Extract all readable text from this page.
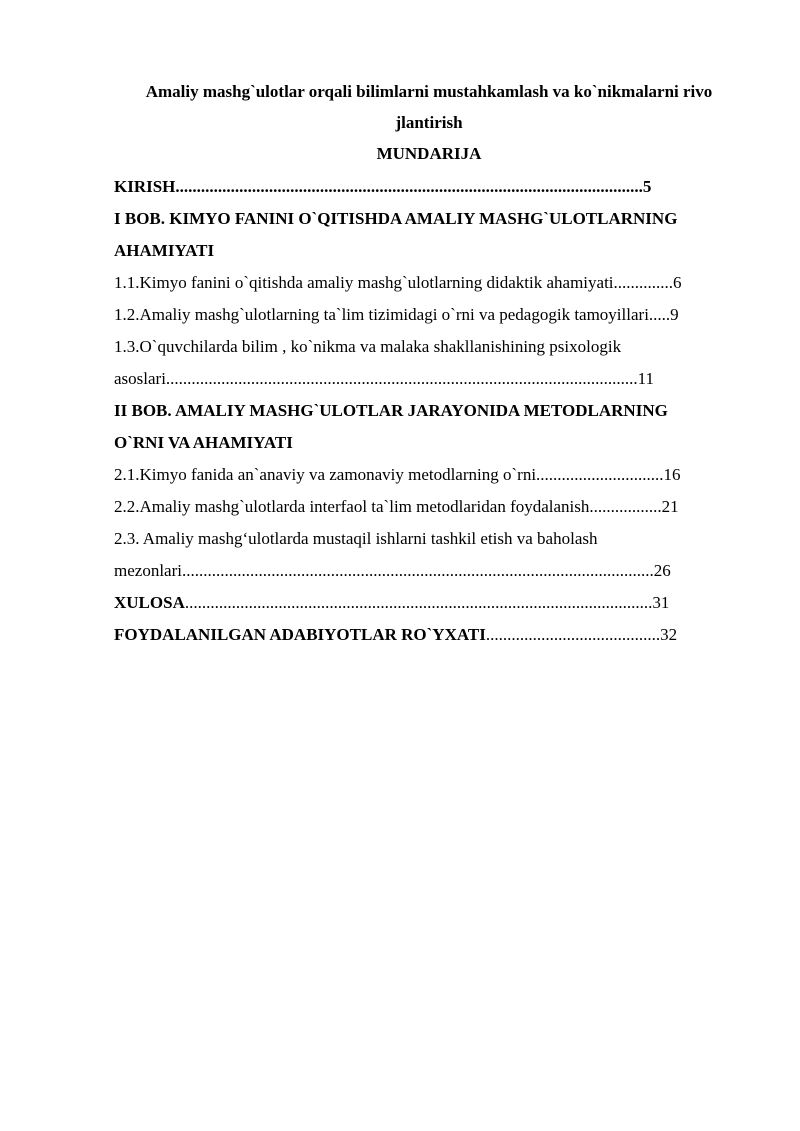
Amaliy mashg`ulotlar orqali bilimlarni mustahkamlash va ko`nikmalarni rivo
jlantirish

MUNDARIJA

KIRISH..............................................................................................................5

I BOB. KIMYO FANINI O`QITISHDA AMALIY MASHG`ULOTLARNING
AHAMIYATI

1.1.Kimyo fanini o`qitishda amaliy mashg`ulotlarning didaktik ahamiyati..............6

1.2.Amaliy mashg`ulotlarning ta`lim tizimidagi o`rni va pedagogik tamoyillari.....9

1.3.O`quvchilarda bilim , ko`nikma va malaka shakllanishining psixologik
asoslari...............................................................................................................11

II BOB. AMALIY MASHG`ULOTLAR JARAYONIDA METODLARNING
O`RNI VA AHAMIYATI

2.1.Kimyo fanida an`anaviy va zamonaviy metodlarning o`rni..............................16

2.2.Amaliy mashg`ulotlarda interfaol ta`lim metodlaridan foydalanish.................21

2.3. Amaliy mashg‘ulotlarda mustaqil ishlarni tashkil etish va baholash
mezonlari...............................................................................................................26

XULOSA..............................................................................................................31

FOYDALANILGAN ADABIYOTLAR RO`YXATI.........................................32
